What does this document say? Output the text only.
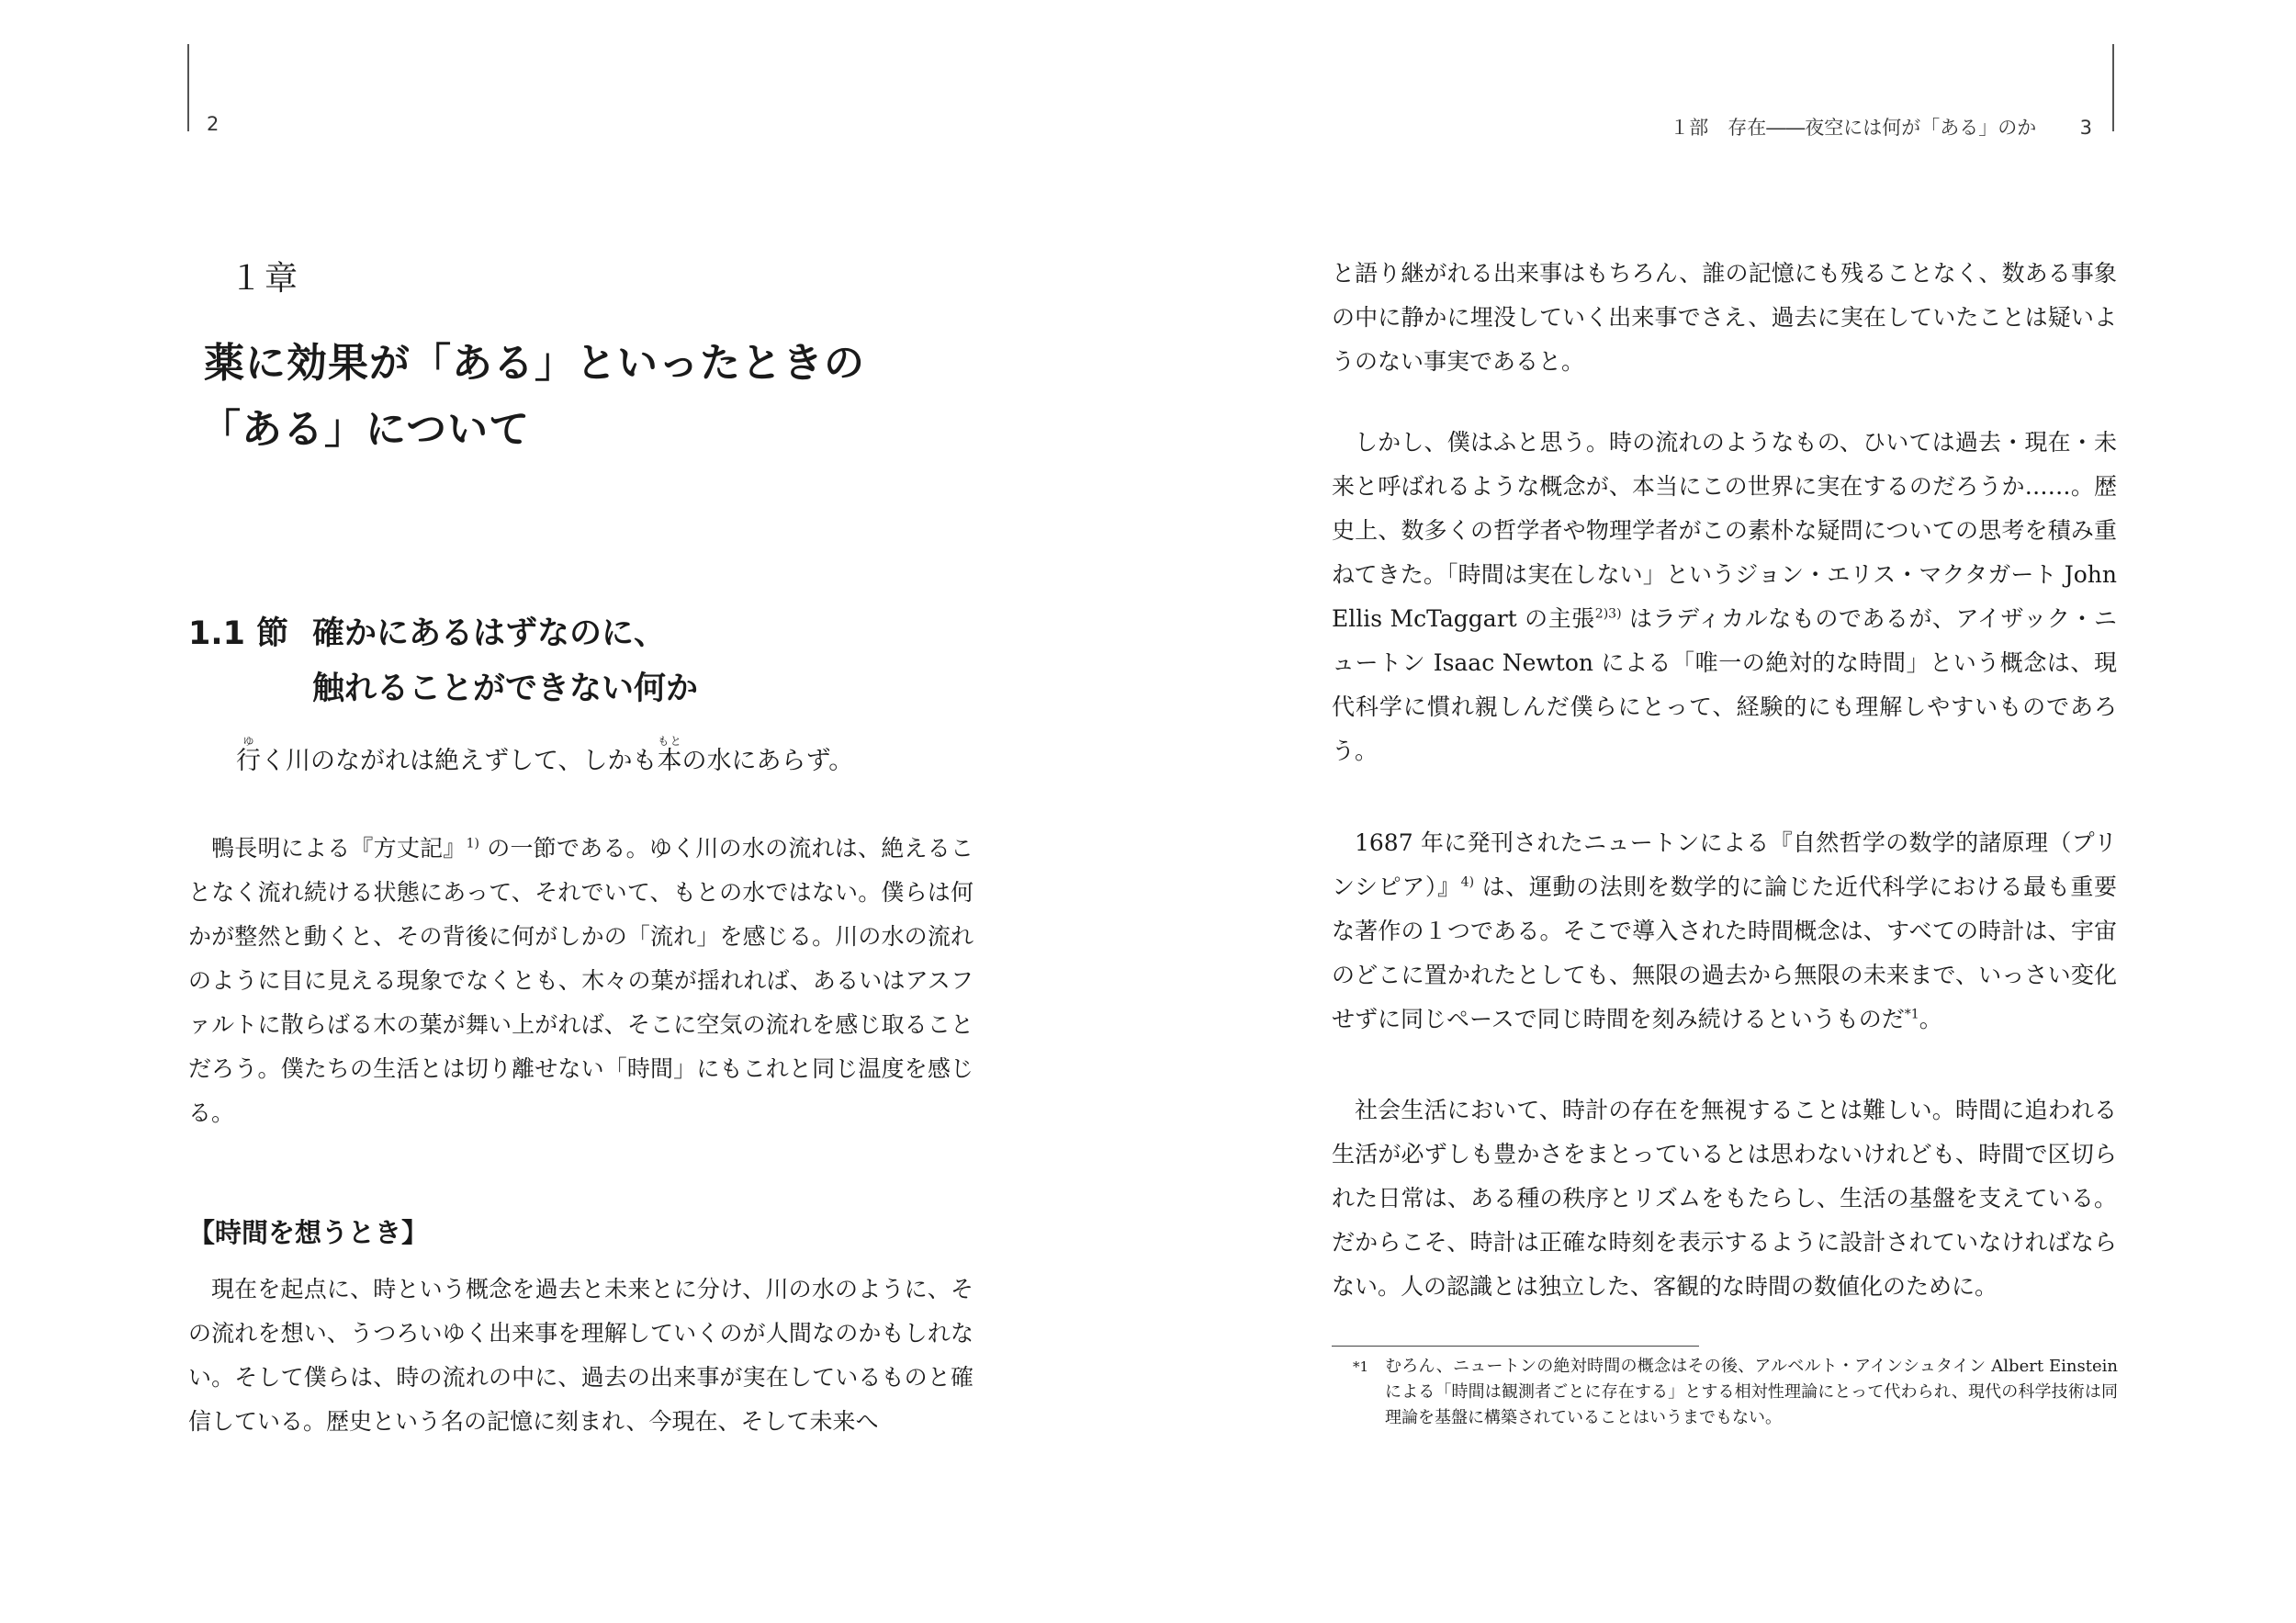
2	１部　存在――夜空には何が「ある」のか 3
１章
薬に効果が「ある」といったときの
「ある」について
1.1 節 確かにあるはずなのに、
触れることができない何か
行ゆく川のながれは絶えずして、しかも本もとの水にあらず。

鴨長明による『方丈記』$^{1)}$ の一節である。ゆく川の水の流れは、絶えることなく流れ続ける状態にあって、それでいて、もとの水ではない。僕らは何かが整然と動くと、その背後に何がしかの「流れ」を感じる。川の水の流れのように目に見える現象でなくとも、木々の葉が揺れれば、あるいはアスファルトに散らばる木の葉が舞い上がれば、そこに空気の流れを感じ取ることだろう。僕たちの生活とは切り離せない「時間」にもこれと同じ温度を感じる。

【時間を想うとき】

現在を起点に、時という概念を過去と未来とに分け、川の水のように、その流れを想い、うつろいゆく出来事を理解していくのが人間なのかもしれない。そして僕らは、時の流れの中に、過去の出来事が実在しているものと確信している。歴史という名の記憶に刻まれ、今現在、そして未来へ

と語り継がれる出来事はもちろん、誰の記憶にも残ることなく、数ある事象の中に静かに埋没していく出来事でさえ、過去に実在していたことは疑いようのない事実であると。

しかし、僕はふと思う。時の流れのようなもの、ひいては過去・現在・未来と呼ばれるような概念が、本当にこの世界に実在するのだろうか……。歴史上、数多くの哲学者や物理学者がこの素朴な疑問についての思考を積み重ねてきた。「時間は実在しない」というジョン・エリス・マクタガート John Ellis McTaggart の主張$^{2)3)}$ はラディカルなものであるが、アイザック・ニュートン Isaac Newton による「唯一の絶対的な時間」という概念は、現代科学に慣れ親しんだ僕らにとって、経験的にも理解しやすいものであろう。

1687 年に発刊されたニュートンによる『自然哲学の数学的諸原理（プリンシピア）』$^{4)}$ は、運動の法則を数学的に論じた近代科学における最も重要な著作の１つである。そこで導入された時間概念は、すべての時計は、宇宙のどこに置かれたとしても、無限の過去から無限の未来まで、いっさい変化せずに同じペースで同じ時間を刻み続けるというものだ$^{*1}$。

社会生活において、時計の存在を無視することは難しい。時間に追われる生活が必ずしも豊かさをまとっているとは思わないけれども、時間で区切られた日常は、ある種の秩序とリズムをもたらし、生活の基盤を支えている。だからこそ、時計は正確な時刻を表示するように設計されていなければならない。人の認識とは独立した、客観的な時間の数値化のために。

*1 むろん、ニュートンの絶対時間の概念はその後、アルベルト・アインシュタイン Albert Einstein による「時間は観測者ごとに存在する」とする相対性理論にとって代わられ、現代の科学技術は同理論を基盤に構築されていることはいうまでもない。
